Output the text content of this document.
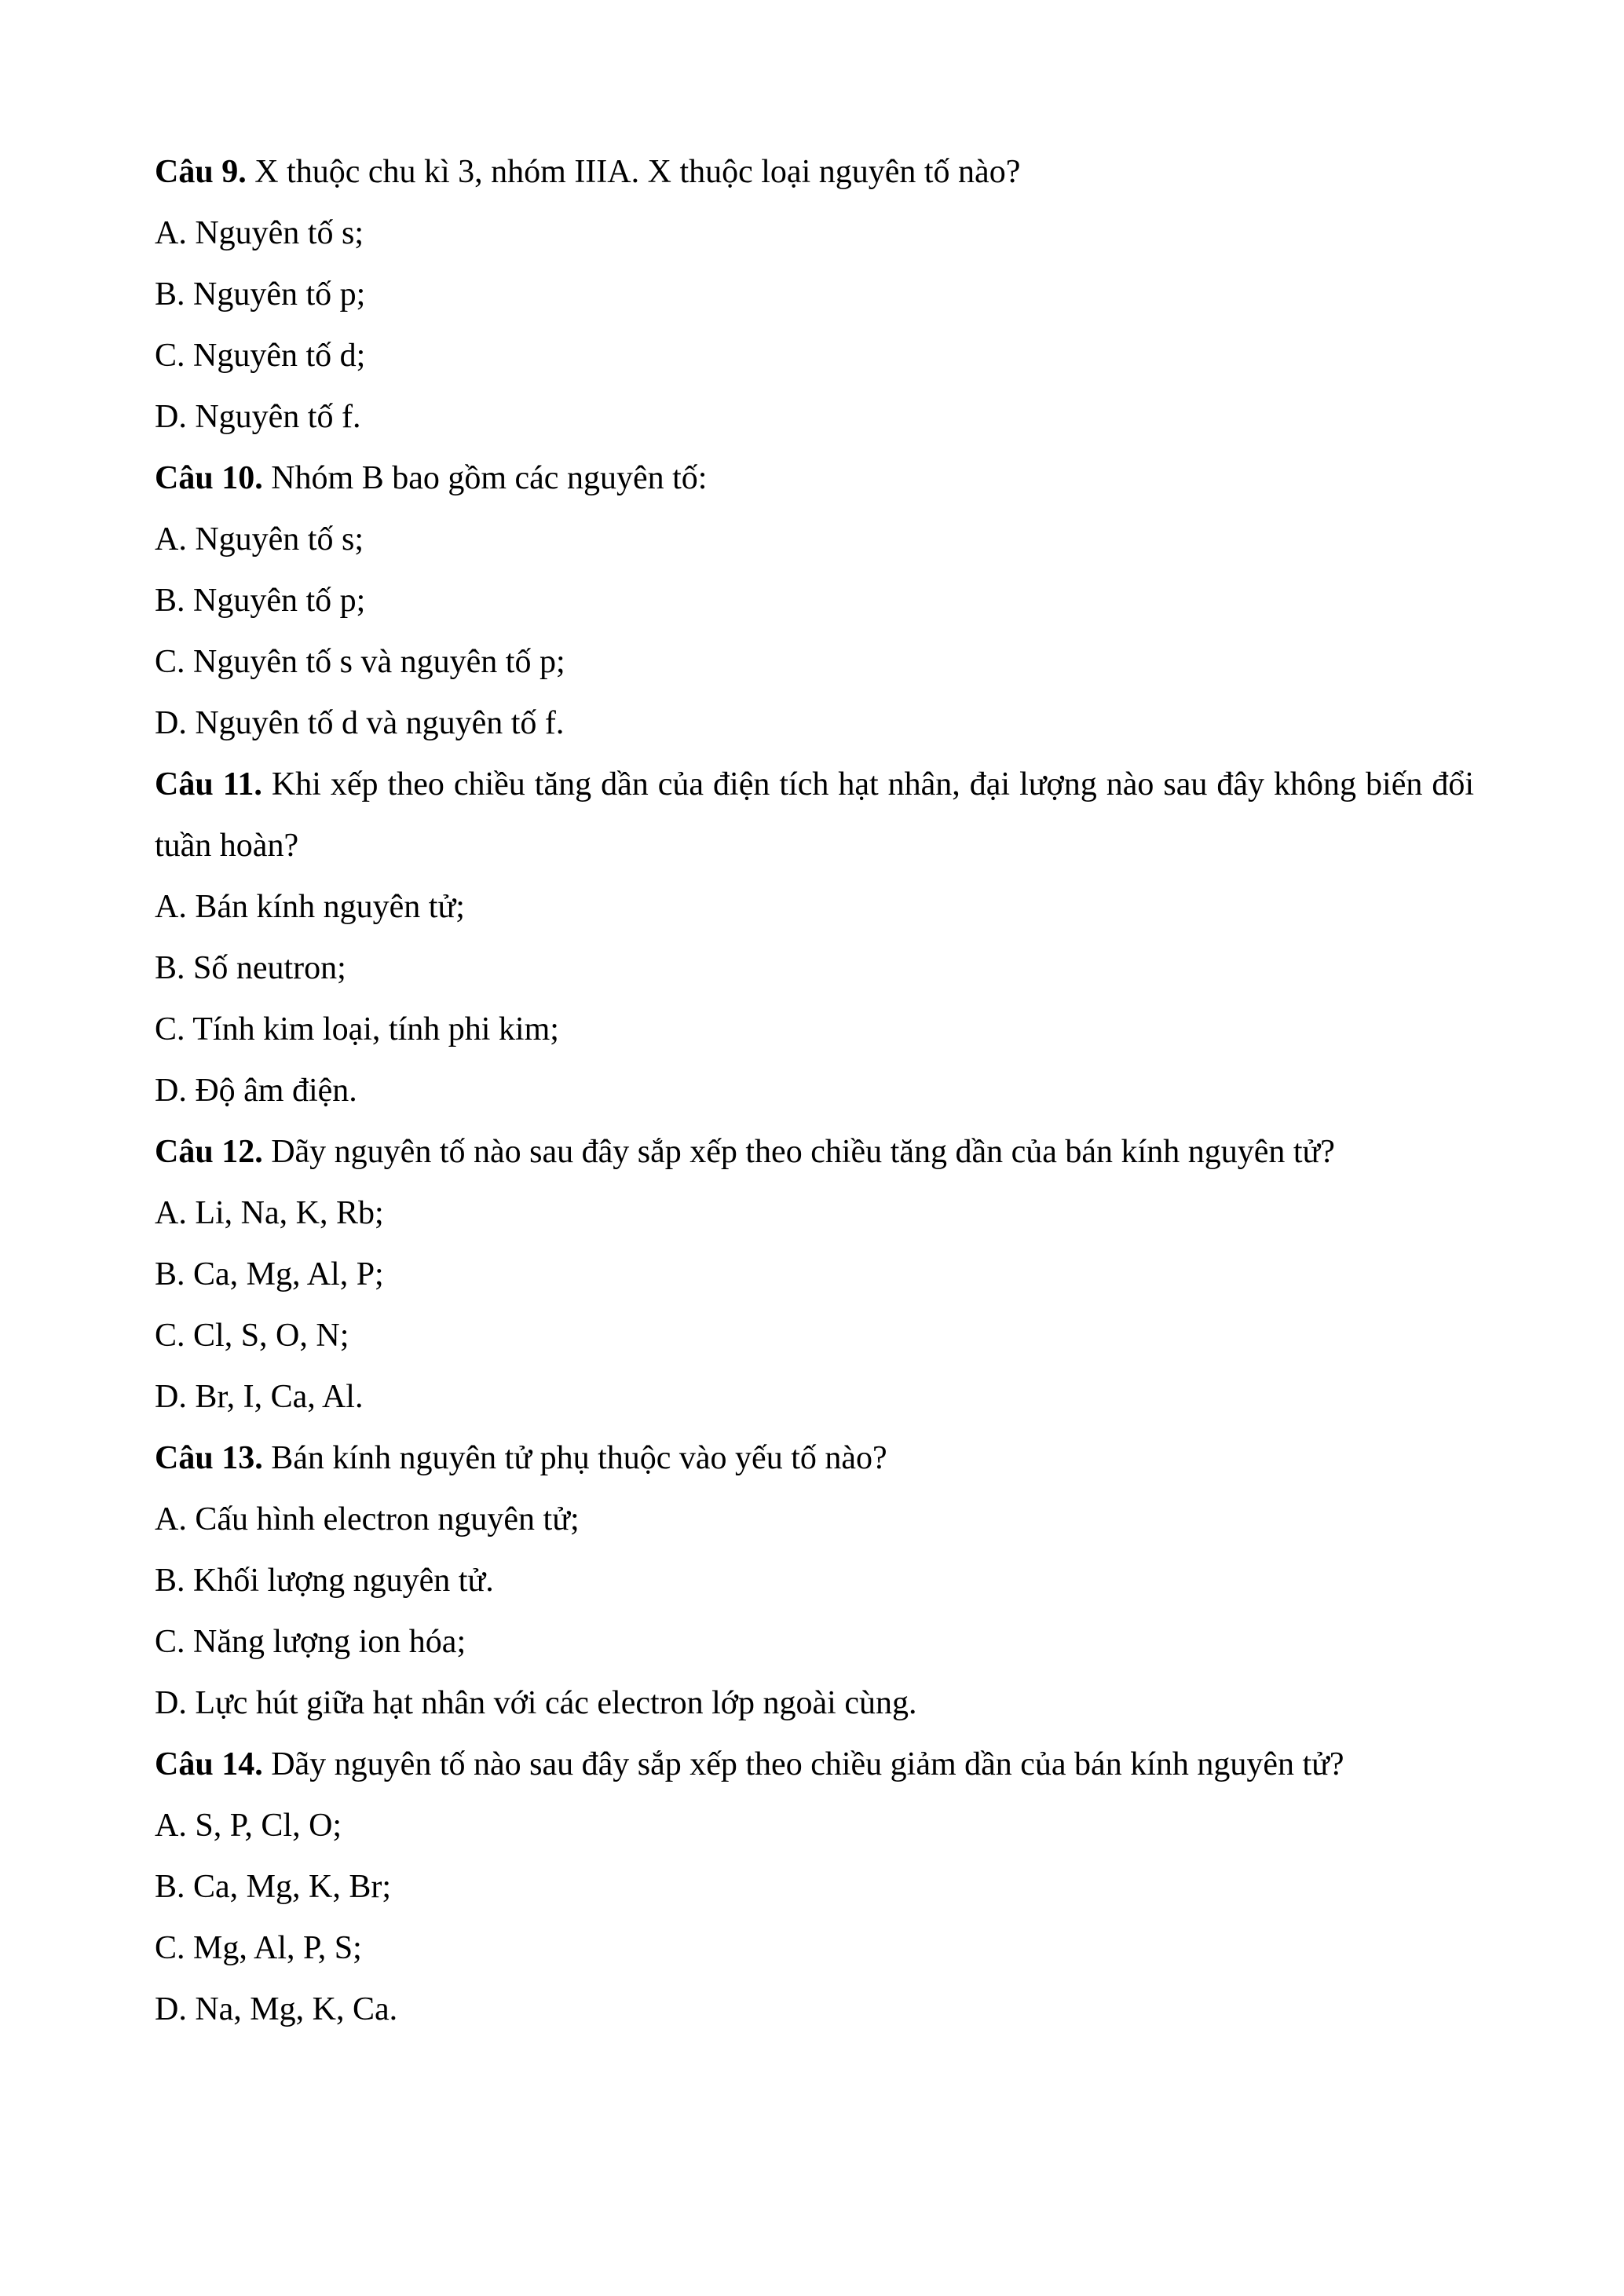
Câu 9. X thuộc chu kì 3, nhóm IIIA. X thuộc loại nguyên tố nào?
A. Nguyên tố s;
B. Nguyên tố p;
C. Nguyên tố d;
D. Nguyên tố f.
Câu 10. Nhóm B bao gồm các nguyên tố:
A. Nguyên tố s;
B. Nguyên tố p;
C. Nguyên tố s và nguyên tố p;
D. Nguyên tố d và nguyên tố f.
Câu 11. Khi xếp theo chiều tăng dần của điện tích hạt nhân, đại lượng nào sau đây không biến đổi tuần hoàn?
A. Bán kính nguyên tử;
B. Số neutron;
C. Tính kim loại, tính phi kim;
D. Độ âm điện.
Câu 12. Dãy nguyên tố nào sau đây sắp xếp theo chiều tăng dần của bán kính nguyên tử?
A. Li, Na, K, Rb;
B. Ca, Mg, Al, P;
C. Cl, S, O, N;
D. Br, I, Ca, Al.
Câu 13. Bán kính nguyên tử phụ thuộc vào yếu tố nào?
A. Cấu hình electron nguyên tử;
B. Khối lượng nguyên tử.
C. Năng lượng ion hóa;
D. Lực hút giữa hạt nhân với các electron lớp ngoài cùng.
Câu 14. Dãy nguyên tố nào sau đây sắp xếp theo chiều giảm dần của bán kính nguyên tử?
A. S, P, Cl, O;
B. Ca, Mg, K, Br;
C. Mg, Al, P, S;
D. Na, Mg, K, Ca.
